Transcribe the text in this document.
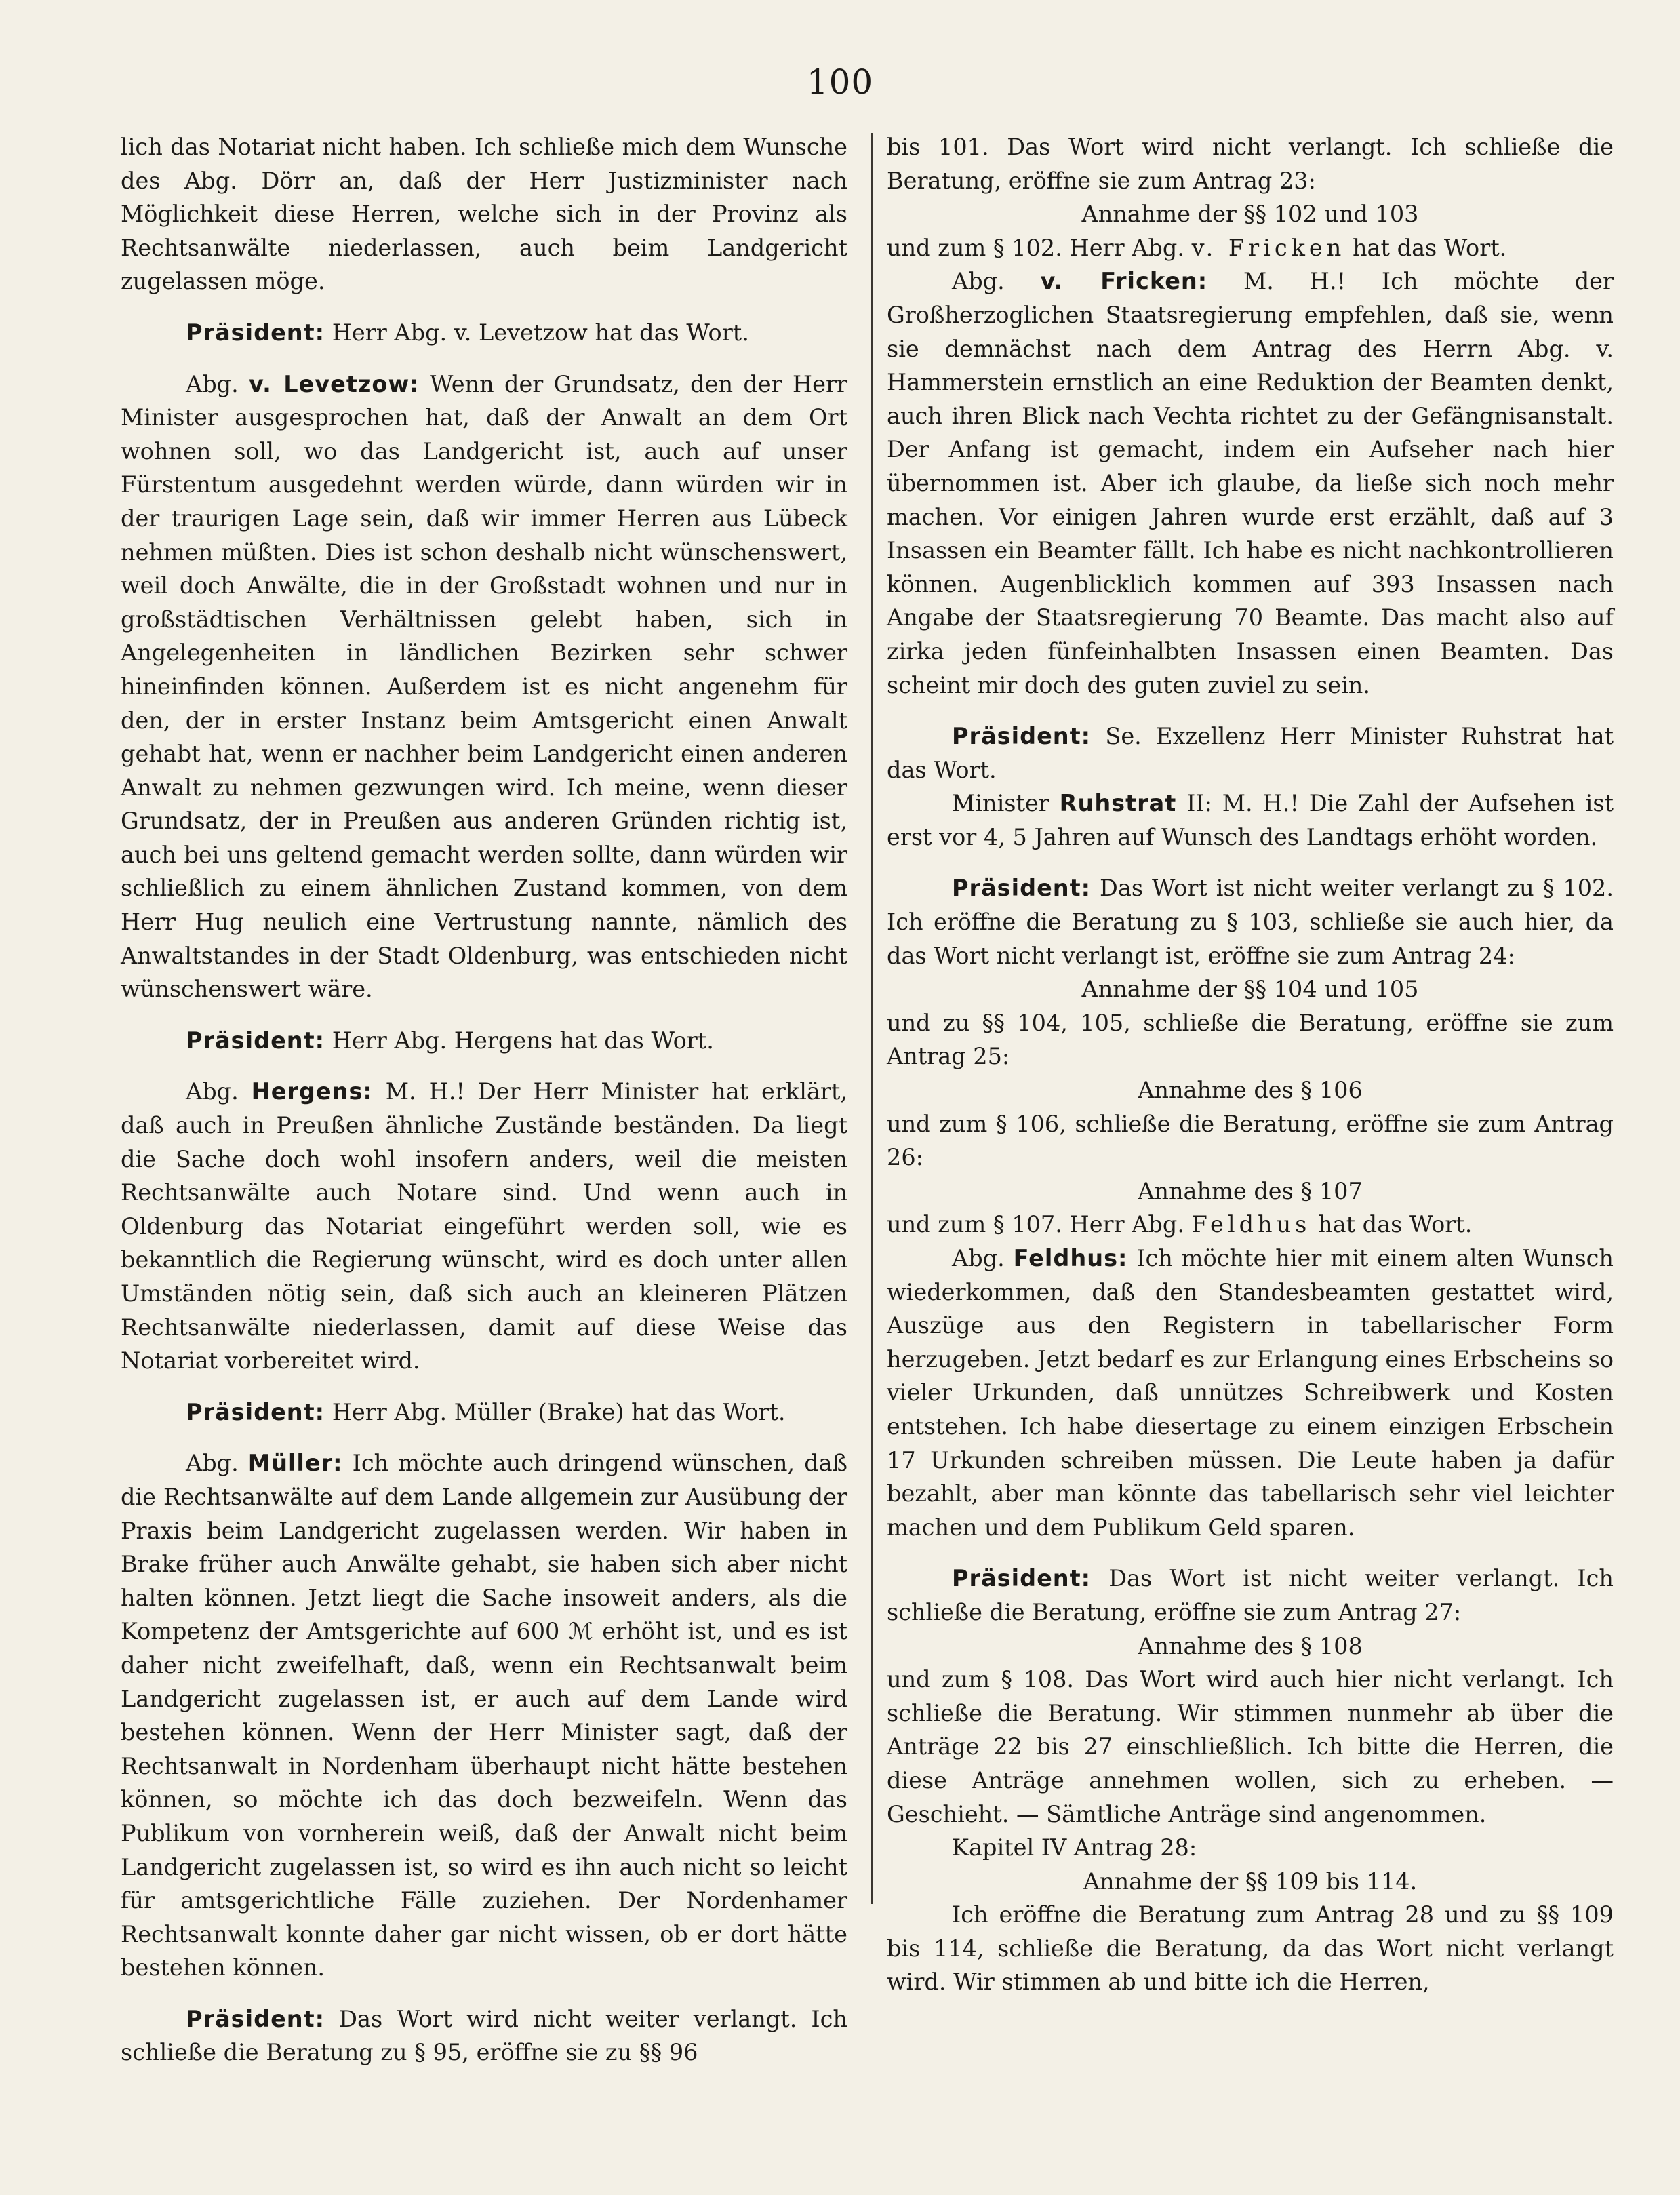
100

lich das Notariat nicht haben. Ich schließe mich dem Wunsche des Abg. Dörr an, daß der Herr Justizminister nach Möglichkeit diese Herren, welche sich in der Provinz als Rechtsanwälte niederlassen, auch beim Landgericht zugelassen möge.

Präsident: Herr Abg. v. Levetzow hat das Wort.

Abg. v. Levetzow: Wenn der Grundsatz, den der Herr Minister ausgesprochen hat, daß der Anwalt an dem Ort wohnen soll, wo das Landgericht ist, auch auf unser Fürstentum ausgedehnt werden würde, dann würden wir in der traurigen Lage sein, daß wir immer Herren aus Lübeck nehmen müßten. Dies ist schon deshalb nicht wünschenswert, weil doch Anwälte, die in der Großstadt wohnen und nur in großstädtischen Verhältnissen gelebt haben, sich in Angelegenheiten in ländlichen Bezirken sehr schwer hineinfinden können. Außerdem ist es nicht angenehm für den, der in erster Instanz beim Amtsgericht einen Anwalt gehabt hat, wenn er nachher beim Landgericht einen anderen Anwalt zu nehmen gezwungen wird. Ich meine, wenn dieser Grundsatz, der in Preußen aus anderen Gründen richtig ist, auch bei uns geltend gemacht werden sollte, dann würden wir schließlich zu einem ähnlichen Zustand kommen, von dem Herr Hug neulich eine Vertrustung nannte, nämlich des Anwaltstandes in der Stadt Oldenburg, was entschieden nicht wünschenswert wäre.

Präsident: Herr Abg. Hergens hat das Wort.

Abg. Hergens: M. H.! Der Herr Minister hat erklärt, daß auch in Preußen ähnliche Zustände beständen. Da liegt die Sache doch wohl insofern anders, weil die meisten Rechtsanwälte auch Notare sind. Und wenn auch in Oldenburg das Notariat eingeführt werden soll, wie es bekanntlich die Regierung wünscht, wird es doch unter allen Umständen nötig sein, daß sich auch an kleineren Plätzen Rechtsanwälte niederlassen, damit auf diese Weise das Notariat vorbereitet wird.

Präsident: Herr Abg. Müller (Brake) hat das Wort.

Abg. Müller: Ich möchte auch dringend wünschen, daß die Rechtsanwälte auf dem Lande allgemein zur Ausübung der Praxis beim Landgericht zugelassen werden. Wir haben in Brake früher auch Anwälte gehabt, sie haben sich aber nicht halten können. Jetzt liegt die Sache insoweit anders, als die Kompetenz der Amtsgerichte auf 600 ℳ erhöht ist, und es ist daher nicht zweifelhaft, daß, wenn ein Rechtsanwalt beim Landgericht zugelassen ist, er auch auf dem Lande wird bestehen können. Wenn der Herr Minister sagt, daß der Rechtsanwalt in Nordenham überhaupt nicht hätte bestehen können, so möchte ich das doch bezweifeln. Wenn das Publikum von vornherein weiß, daß der Anwalt nicht beim Landgericht zugelassen ist, so wird es ihn auch nicht so leicht für amtsgerichtliche Fälle zuziehen. Der Nordenhamer Rechtsanwalt konnte daher gar nicht wissen, ob er dort hätte bestehen können.

Präsident: Das Wort wird nicht weiter verlangt. Ich schließe die Beratung zu § 95, eröffne sie zu §§ 96

bis 101. Das Wort wird nicht verlangt. Ich schließe die Beratung, eröffne sie zum Antrag 23:

Annahme der §§ 102 und 103

und zum § 102. Herr Abg. v. Fricken hat das Wort.

Abg. v. Fricken: M. H.! Ich möchte der Großherzoglichen Staatsregierung empfehlen, daß sie, wenn sie demnächst nach dem Antrag des Herrn Abg. v. Hammerstein ernstlich an eine Reduktion der Beamten denkt, auch ihren Blick nach Vechta richtet zu der Gefängnisanstalt. Der Anfang ist gemacht, indem ein Aufseher nach hier übernommen ist. Aber ich glaube, da ließe sich noch mehr machen. Vor einigen Jahren wurde erst erzählt, daß auf 3 Insassen ein Beamter fällt. Ich habe es nicht nachkontrollieren können. Augenblicklich kommen auf 393 Insassen nach Angabe der Staatsregierung 70 Beamte. Das macht also auf zirka jeden fünfeinhalbten Insassen einen Beamten. Das scheint mir doch des guten zuviel zu sein.

Präsident: Se. Exzellenz Herr Minister Ruhstrat hat das Wort.

Minister Ruhstrat II: M. H.! Die Zahl der Aufsehen ist erst vor 4, 5 Jahren auf Wunsch des Landtags erhöht worden.

Präsident: Das Wort ist nicht weiter verlangt zu § 102. Ich eröffne die Beratung zu § 103, schließe sie auch hier, da das Wort nicht verlangt ist, eröffne sie zum Antrag 24:

Annahme der §§ 104 und 105

und zu §§ 104, 105, schließe die Beratung, eröffne sie zum Antrag 25:

Annahme des § 106

und zum § 106, schließe die Beratung, eröffne sie zum Antrag 26:

Annahme des § 107

und zum § 107. Herr Abg. Feldhus hat das Wort.

Abg. Feldhus: Ich möchte hier mit einem alten Wunsch wiederkommen, daß den Standesbeamten gestattet wird, Auszüge aus den Registern in tabellarischer Form herzugeben. Jetzt bedarf es zur Erlangung eines Erbscheins so vieler Urkunden, daß unnützes Schreibwerk und Kosten entstehen. Ich habe diesertage zu einem einzigen Erbschein 17 Urkunden schreiben müssen. Die Leute haben ja dafür bezahlt, aber man könnte das tabellarisch sehr viel leichter machen und dem Publikum Geld sparen.

Präsident: Das Wort ist nicht weiter verlangt. Ich schließe die Beratung, eröffne sie zum Antrag 27:

Annahme des § 108

und zum § 108. Das Wort wird auch hier nicht verlangt. Ich schließe die Beratung. Wir stimmen nunmehr ab über die Anträge 22 bis 27 einschließlich. Ich bitte die Herren, die diese Anträge annehmen wollen, sich zu erheben. — Geschieht. — Sämtliche Anträge sind angenommen.

Kapitel IV Antrag 28:

Annahme der §§ 109 bis 114.

Ich eröffne die Beratung zum Antrag 28 und zu §§ 109 bis 114, schließe die Beratung, da das Wort nicht verlangt wird. Wir stimmen ab und bitte ich die Herren,
